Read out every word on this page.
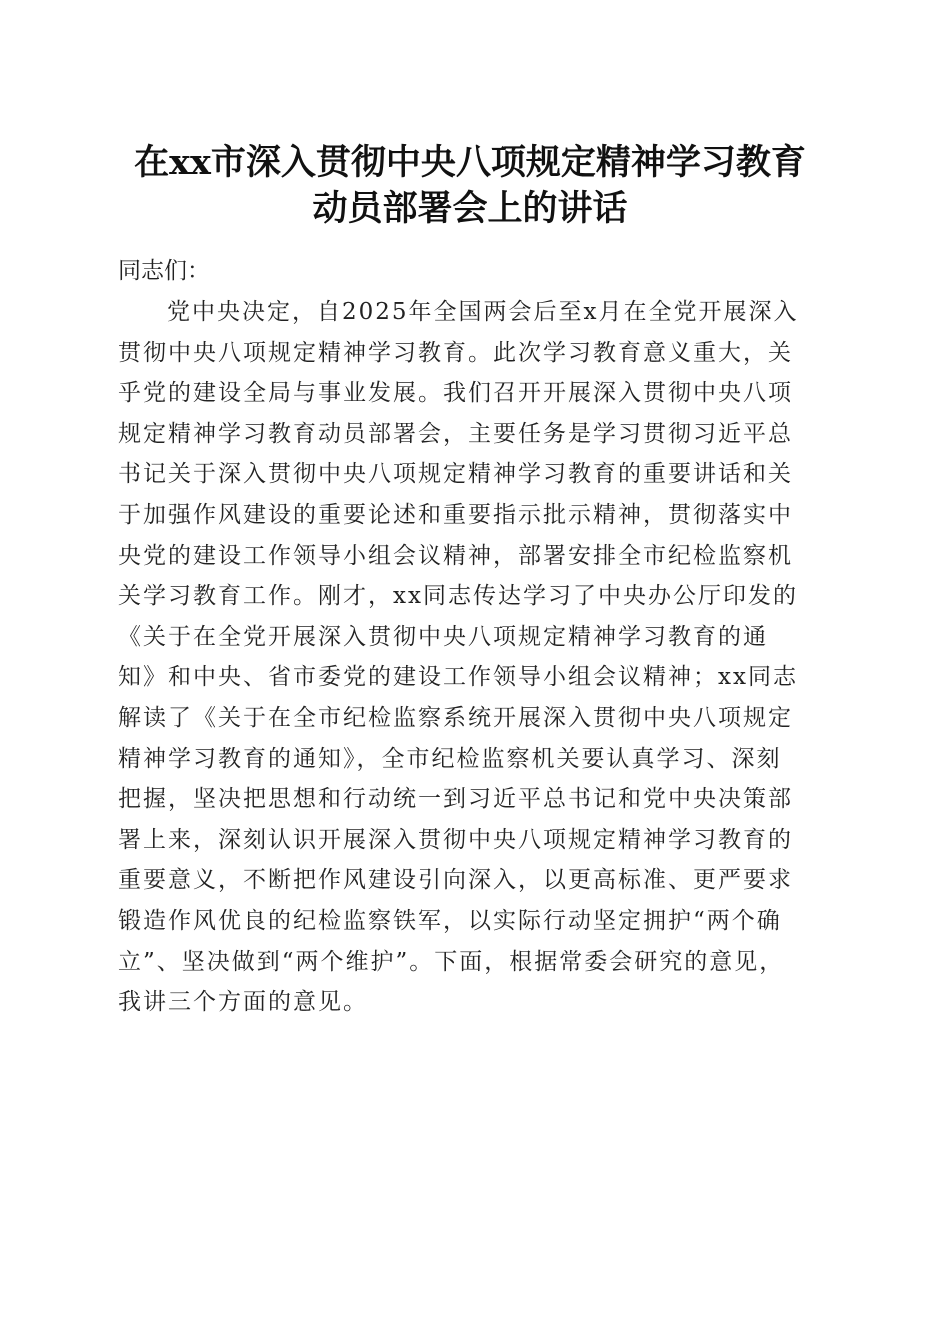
在xx市深入贯彻中央八项规定精神学习教育
动员部署会上的讲话
同志们：
党中央决定，自2025年全国两会后至x月在全党开展深入
贯彻中央八项规定精神学习教育。此次学习教育意义重大，关
乎党的建设全局与事业发展。我们召开开展深入贯彻中央八项
规定精神学习教育动员部署会，主要任务是学习贯彻习近平总
书记关于深入贯彻中央八项规定精神学习教育的重要讲话和关
于加强作风建设的重要论述和重要指示批示精神，贯彻落实中
央党的建设工作领导小组会议精神，部署安排全市纪检监察机
关学习教育工作。刚才，xx同志传达学习了中央办公厅印发的
《关于在全党开展深入贯彻中央八项规定精神学习教育的通
知》和中央、省市委党的建设工作领导小组会议精神；xx同志
解读了《关于在全市纪检监察系统开展深入贯彻中央八项规定
精神学习教育的通知》，全市纪检监察机关要认真学习、深刻
把握，坚决把思想和行动统一到习近平总书记和党中央决策部
署上来，深刻认识开展深入贯彻中央八项规定精神学习教育的
重要意义，不断把作风建设引向深入，以更高标准、更严要求
锻造作风优良的纪检监察铁军，以实际行动坚定拥护“两个确
立”、坚决做到“两个维护”。下面，根据常委会研究的意见，
我讲三个方面的意见。
